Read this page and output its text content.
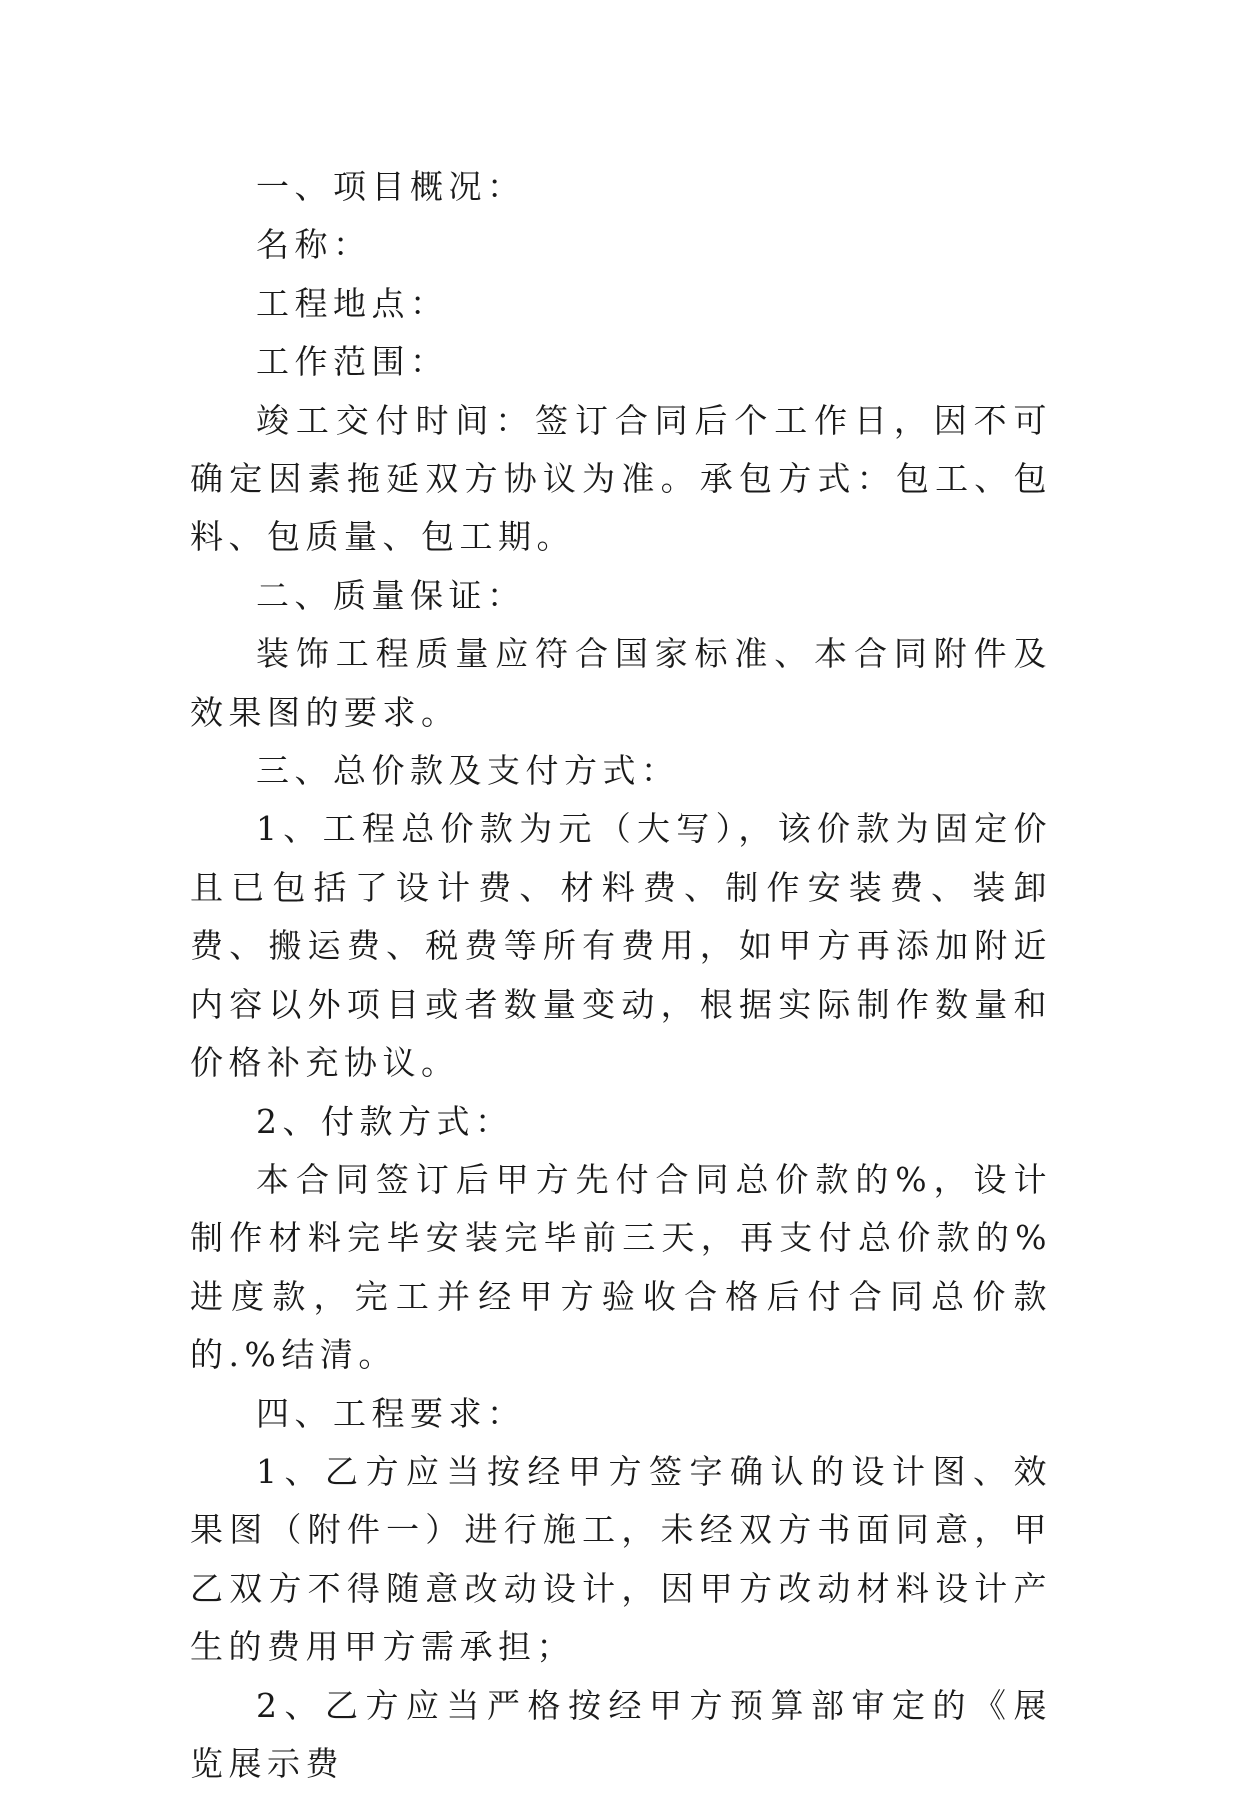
一、项目概况：

名称：

工程地点：

工作范围：

竣工交付时间：签订合同后个工作日，因不可确定因素拖延双方协议为准。承包方式：包工、包料、包质量、包工期。

二、质量保证：

装饰工程质量应符合国家标准、本合同附件及效果图的要求。

三、总价款及支付方式：

1、工程总价款为元（大写），该价款为固定价且已包括了设计费、材料费、制作安装费、装卸费、搬运费、税费等所有费用，如甲方再添加附近内容以外项目或者数量变动，根据实际制作数量和价格补充协议。

2、付款方式：

本合同签订后甲方先付合同总价款的%，设计制作材料完毕安装完毕前三天，再支付总价款的%进度款，完工并经甲方验收合格后付合同总价款的.%结清。

四、工程要求：

1、乙方应当按经甲方签字确认的设计图、效果图（附件一）进行施工，未经双方书面同意，甲乙双方不得随意改动设计，因甲方改动材料设计产生的费用甲方需承担；

2、乙方应当严格按经甲方预算部审定的《展览展示费
